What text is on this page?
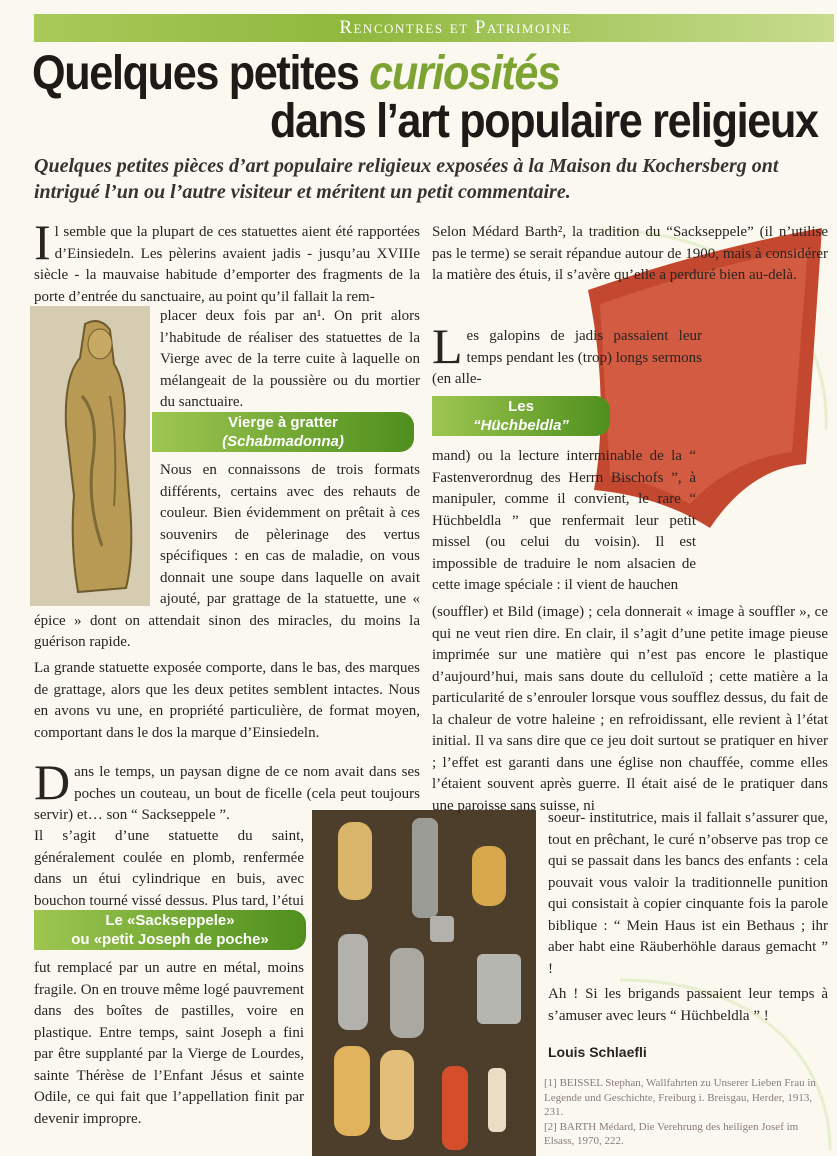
Rencontres et Patrimoine
Quelques petites curiosités
dans l’art populaire religieux
Quelques petites pièces d’art populaire religieux exposées à la Maison du Kochersberg ont intrigué l’un ou l’autre visiteur et méritent un petit commentaire.
Il semble que la plupart de ces statuettes aient été rapportées d’Einsiedeln. Les pèlerins avaient jadis - jusqu’au XVIIIe siècle - la mauvaise habitude d’emporter des fragments de la porte d’entrée du sanctuaire, au point qu’il fallait la rem-
placer deux fois par an¹. On prit alors l’habitude de réaliser des statuettes de la Vierge avec de la terre cuite à laquelle on mélangeait de la poussière ou du mortier du sanctuaire.
Vierge à gratter
(Schabmadonna)
Nous en connaissons de trois formats différents, certains avec des rehauts de couleur. Bien évidemment on prêtait à ces souvenirs de pèlerinage des vertus spécifiques : en cas de maladie, on vous donnait une soupe dans laquelle on avait ajouté, par grattage de la statuette, une « épice » dont on attendait sinon des miracles, du moins la guérison rapide.
La grande statuette exposée comporte, dans le bas, des marques de grattage, alors que les deux petites semblent intactes. Nous en avons vu une, en propriété particulière, de format moyen, comportant dans le dos la marque d’Einsiedeln.
Dans le temps, un paysan digne de ce nom avait dans ses poches un couteau, un bout de ficelle (cela peut toujours servir) et… son “ Sackseppele ”.
Il s’agit d’une statuette du saint, généralement coulée en plomb, renfermée dans un étui cylindrique en buis, avec bouchon tourné vissé dessus. Plus tard, l’étui
Le «Sackseppele»
ou «petit Joseph de poche»
fut remplacé par un autre en métal, moins fragile. On en trouve même logé pauvrement dans des boîtes de pastilles, voire en plastique. Entre temps, saint Joseph a fini par être supplanté par la Vierge de Lourdes, sainte Thérèse de l’Enfant Jésus et sainte Odile, ce qui fait que l’appellation finit par devenir impropre.
Selon Médard Barth², la tradition du “Sackseppele” (il n’utilise pas le terme) se serait répandue autour de 1900, mais à considérer la matière des étuis, il s’avère qu’elle a perduré bien au-delà.
Les galopins de jadis passaient leur temps pendant les (trop) longs sermons (en alle-
Les
“Hüchbeldla”
mand) ou la lecture interminable de la “ Fastenverordnug des Herrn Bischofs ”, à manipuler, comme il convient, le rare “ Hüchbeldla ” que renfermait leur petit missel (ou celui du voisin). Il est impossible de traduire le nom alsacien de cette image spéciale : il vient de hauchen
(souffler) et Bild (image) ; cela donnerait « image à souffler », ce qui ne veut rien dire. En clair, il s’agit d’une petite image pieuse imprimée sur une matière qui n’est pas encore le plastique d’aujourd’hui, mais sans doute du celluloïd ; cette matière a la particularité de s’enrouler lorsque vous soufflez dessus, du fait de la chaleur de votre haleine ; en refroidissant, elle revient à l’état initial. Il va sans dire que ce jeu doit surtout se pratiquer en hiver ; l’effet est garanti dans une église non chauffée, comme elles l’étaient souvent après guerre. Il était aisé de le pratiquer dans une paroisse sans suisse, ni
soeur- institutrice, mais il fallait s’assurer que, tout en prêchant, le curé n’observe pas trop ce qui se passait dans les bancs des enfants : cela pouvait vous valoir la traditionnelle punition qui consistait à copier cinquante fois la parole biblique : “ Mein Haus ist ein Bethaus ; ihr aber habt eine Räuberhöhle daraus gemacht ” !
Ah ! Si les brigands passaient leur temps à s’amuser avec leurs “ Hüchbeldla ” !
Louis Schlaefli
[1] BEISSEL Stephan, Wallfahrten zu Unserer Lieben Frau in Legende und Geschichte, Freiburg i. Breisgau, Herder, 1913, 231.
[2] BARTH Médard, Die Verehrung des heiligen Josef im Elsass, 1970, 222.
